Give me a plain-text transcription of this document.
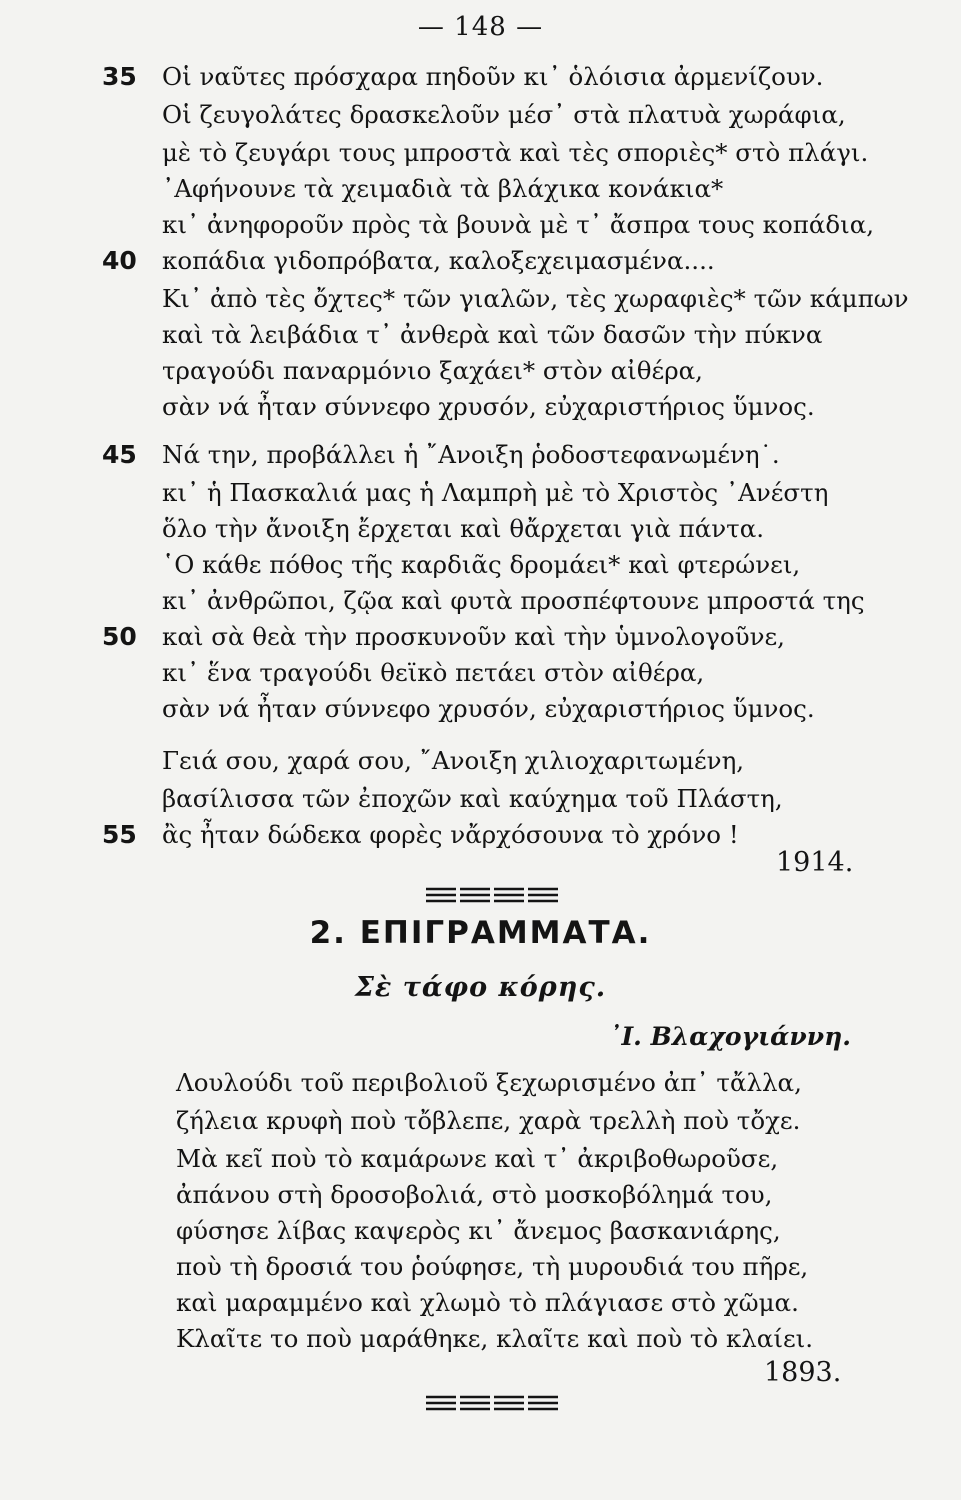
— 148 —
35 Οἱ ναῦτες πρόσχαρα πηδοῦν κι᾿ ὁλόισια ἀρμενίζουν.
Οἱ ζευγολάτες δρασκελοῦν μέσ᾿ στὰ πλατυὰ χωράφια,
μὲ τὸ ζευγάρι τους μπροστὰ καὶ τὲς σποριὲς* στὸ πλάγι.
᾿Αφήνουνε τὰ χειμαδιὰ τὰ βλάχικα κονάκια*
κι᾿ ἀνηφοροῦν πρὸς τὰ βουνὰ μὲ τ᾿ ἄσπρα τους κοπάδια,
40 κοπάδια γιδοπρόβατα, καλοξεχειμασμένα....
Κι᾿ ἀπὸ τὲς ὄχτες* τῶν γιαλῶν, τὲς χωραφιὲς* τῶν κάμπων
καὶ τὰ λειβάδια τ᾿ ἀνθερὰ καὶ τῶν δασῶν τὴν πύκνα
τραγούδι παναρμόνιο ξαχάει* στὸν αἰθέρα,
σὰν νά ἦταν σύννεφο χρυσόν, εὐχαριστήριος ὕμνος.
45 Νά την, προβάλλει ἡ ῎Ανοιξη ῥοδοστεφανωμένη˙.
κι᾿ ἡ Πασκαλιά μας ἡ Λαμπρὴ μὲ τὸ Χριστὸς ᾿Ανέστη
ὅλο τὴν ἄνοιξη ἔρχεται καὶ θἄρχεται γιὰ πάντα.
῾Ο κάθε πόθος τῆς καρδιᾶς δρομάει* καὶ φτερώνει,
κι᾿ ἀνθρῶποι, ζῷα καὶ φυτὰ προσπέφτουνε μπροστά της
50 καὶ σὰ θεὰ τὴν προσκυνοῦν καὶ τὴν ὑμνολογοῦνε,
κι᾿ ἕνα τραγούδι θεϊκὸ πετάει στὸν αἰθέρα,
σὰν νά ἦταν σύννεφο χρυσόν, εὐχαριστήριος ὕμνος.
Γειά σου, χαρά σου, ῎Ανοιξη χιλιοχαριτωμένη,
βασίλισσα τῶν ἐποχῶν καὶ καύχημα τοῦ Πλάστη,
55 ἂς ἦταν δώδεκα φορὲς νἄρχόσουνα τὸ χρόνο !
1914.
2. ΕΠΙΓΡΑΜΜΑΤΑ.
Σὲ τάφο κόρης.
᾿Ι. Βλαχογιάννη.
Λουλούδι τοῦ περιβολιοῦ ξεχωρισμένο ἀπ᾿ τἄλλα,
ζήλεια κρυφὴ ποὺ τὄβλεπε, χαρὰ τρελλὴ ποὺ τὄχε.
Μὰ κεῖ ποὺ τὸ καμάρωνε καὶ τ᾿ ἀκριβοθωροῦσε,
ἀπάνου στὴ δροσοβολιά, στὸ μοσκοβόλημά του,
φύσησε λίβας καψερὸς κι᾿ ἄνεμος βασκανιάρης,
ποὺ τὴ δροσιά του ῥούφησε, τὴ μυρουδιά του πῆρε,
καὶ μαραμμένο καὶ χλωμὸ τὸ πλάγιασε στὸ χῶμα.
Κλαῖτε το ποὺ μαράθηκε, κλαῖτε καὶ ποὺ τὸ κλαίει.
1893.
